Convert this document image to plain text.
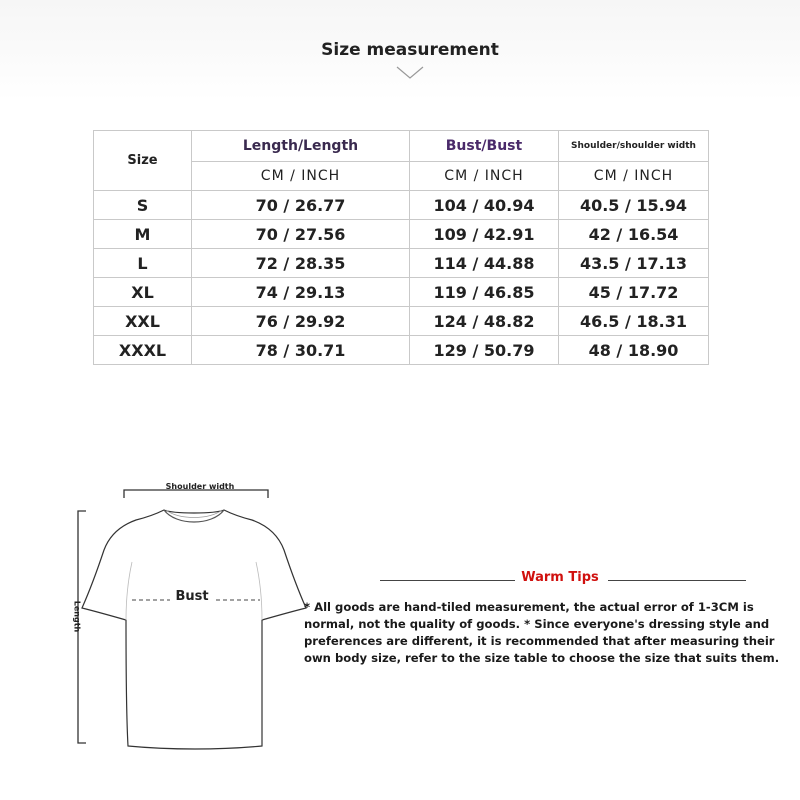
Size measurement
Size	Length/Length	Bust/Bust	Shoulder/shoulder width
	CM / INCH	CM / INCH	CM / INCH
S	70 / 26.77	104 / 40.94	40.5 / 15.94
M	70 / 27.56	109 / 42.91	42 / 16.54
L	72 / 28.35	114 / 44.88	43.5 / 17.13
XL	74 / 29.13	119 / 46.85	45 / 17.72
XXL	76 / 29.92	124 / 48.82	46.5 / 18.31
XXXL	78 / 30.71	129 / 50.79	48 / 18.90
Shoulder width
Bust
Length
Warm Tips
* All goods are hand-tiled measurement, the actual error of 1-3CM is normal, not the quality of goods. * Since everyone's dressing style and preferences are different, it is recommended that after measuring their own body size, refer to the size table to choose the size that suits them.
